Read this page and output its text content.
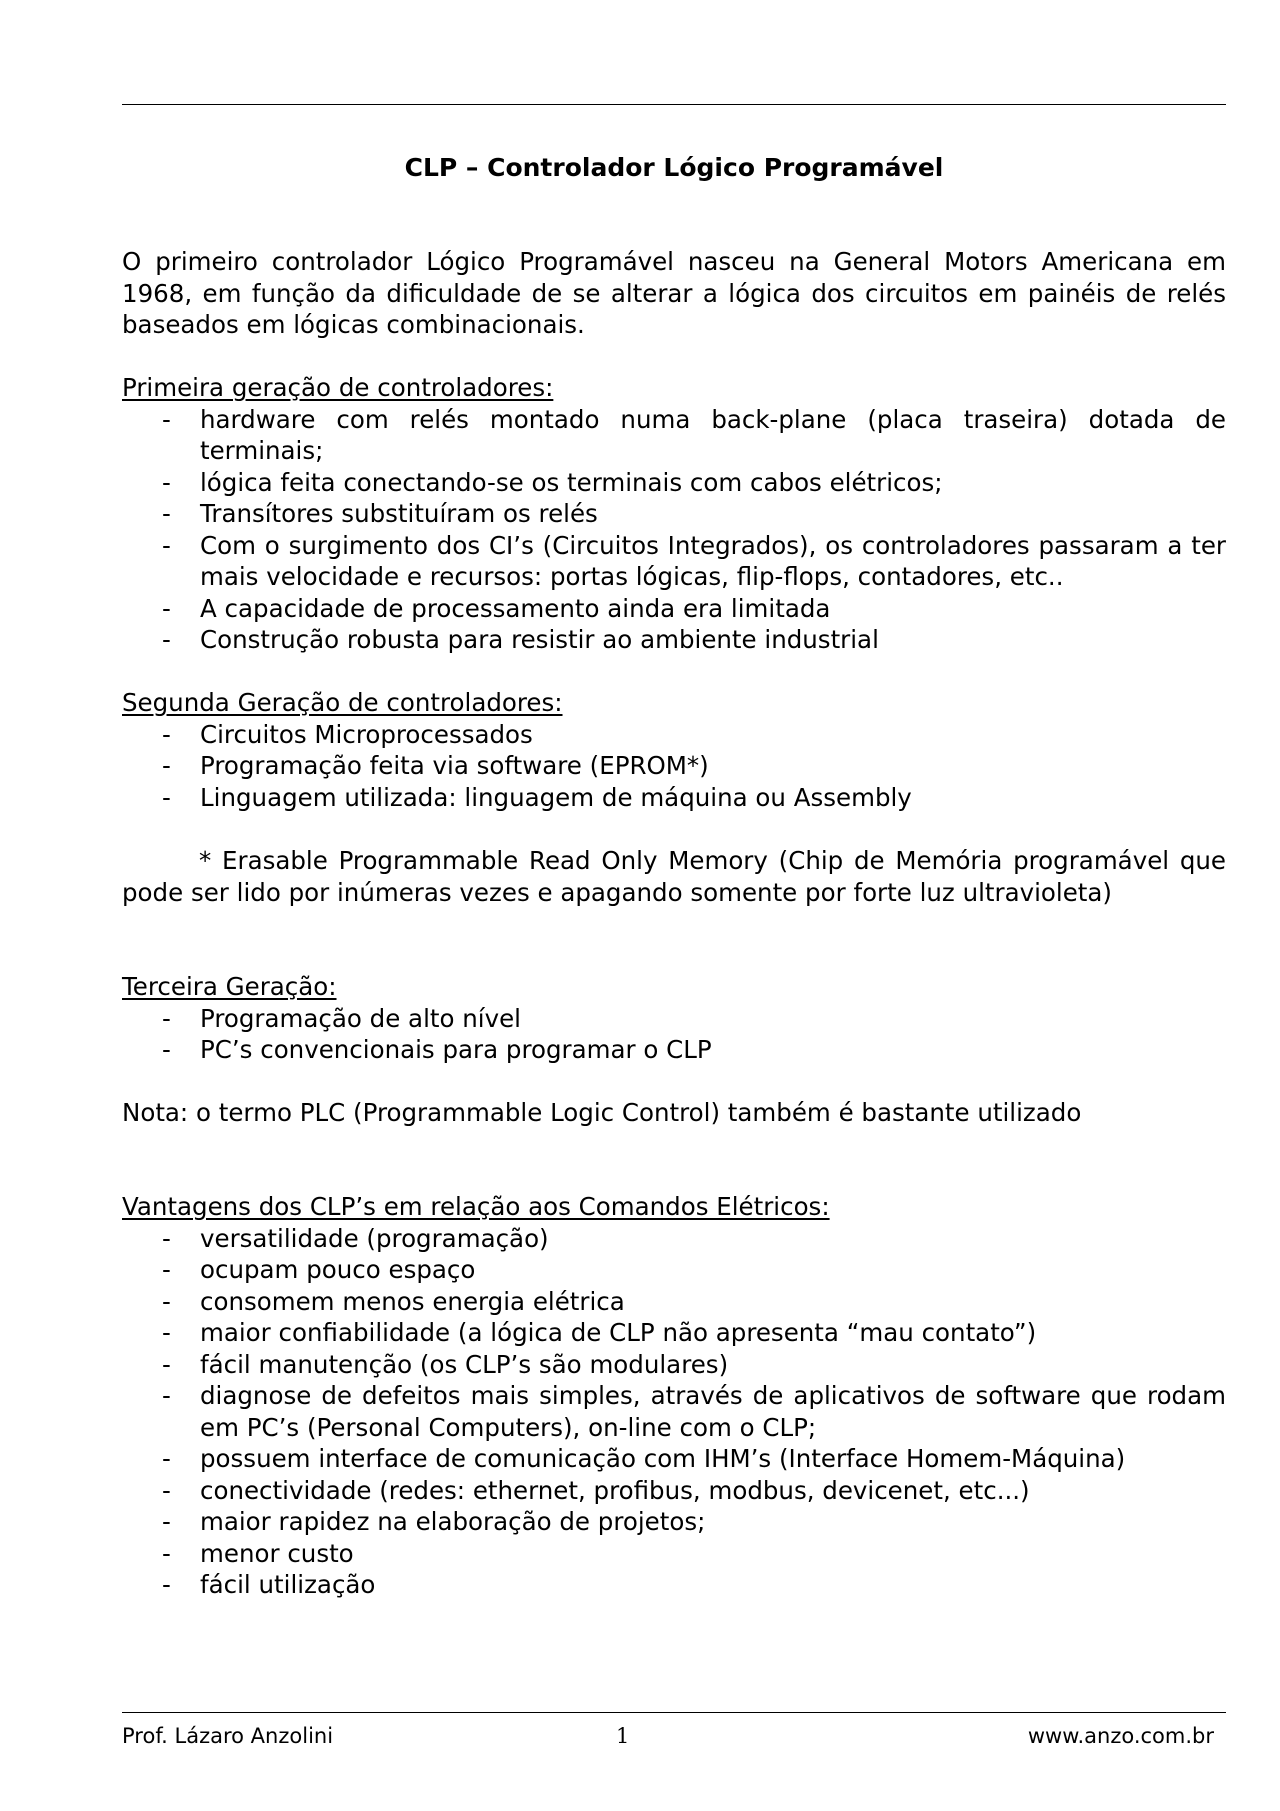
CLP – Controlador Lógico Programável
O primeiro controlador Lógico Programável nasceu na General Motors Americana em 1968, em função da dificuldade de se alterar a lógica dos circuitos em painéis de relés baseados em lógicas combinacionais.
Primeira geração de controladores:
- hardware com relés montado numa back-plane (placa traseira) dotada de terminais;
- lógica feita conectando-se os terminais com cabos elétricos;
- Transítores substituíram os relés
- Com o surgimento dos CI’s (Circuitos Integrados), os controladores passaram a ter mais velocidade e recursos: portas lógicas, flip-flops, contadores, etc..
- A capacidade de processamento ainda era limitada
- Construção robusta para resistir ao ambiente industrial
Segunda Geração de controladores:
- Circuitos Microprocessados
- Programação feita via software (EPROM*)
- Linguagem utilizada: linguagem de máquina ou Assembly
* Erasable Programmable Read Only Memory (Chip de Memória programável que pode ser lido por inúmeras vezes e apagando somente por forte luz ultravioleta)
Terceira Geração:
- Programação de alto nível
- PC’s convencionais para programar o CLP
Nota: o termo PLC (Programmable Logic Control) também é bastante utilizado
Vantagens dos CLP’s em relação aos Comandos Elétricos:
- versatilidade (programação)
- ocupam pouco espaço
- consomem menos energia elétrica
- maior confiabilidade (a lógica de CLP não apresenta “mau contato”)
- fácil manutenção (os CLP’s são modulares)
- diagnose de defeitos mais simples, através de aplicativos de software que rodam em PC’s (Personal Computers), on-line com o CLP;
- possuem interface de comunicação com IHM’s (Interface Homem-Máquina)
- conectividade (redes: ethernet, profibus, modbus, devicenet, etc...)
- maior rapidez na elaboração de projetos;
- menor custo
- fácil utilização
Prof. Lázaro Anzolini	1	www.anzo.com.br
